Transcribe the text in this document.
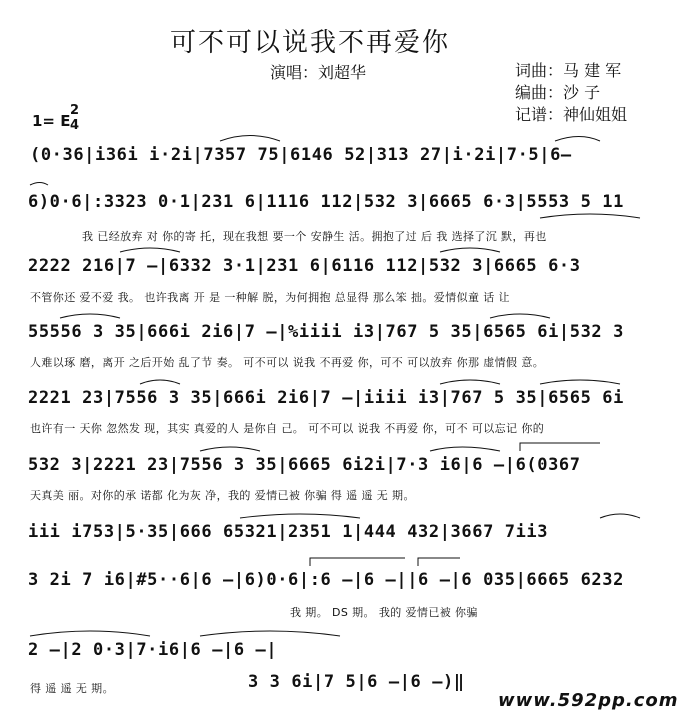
可不可以说我不再爱你
演唱：刘超华	词曲：马 建 军
编曲：沙 子
记谱：神仙姐姐
1= E
2
4
(0·36|i36i i·2i|7357 75|6146 52|313 27|i·2i|7·5|6–
6)0·6|:3323 0·1|231 6|1116 112|532 3|6665 6·3|5553 5 11
我 已经放弃 对 你的寄 托，现在我想 要一个 安静生 活。拥抱了过 后 我 选择了沉 默，再也
2222 216|7 –|6332 3·1|231 6|6116 112|532 3|6665 6·3
不管你还 爱不爱 我。 也许我离 开 是 一种解 脱，为何拥抱 总显得 那么笨 拙。爱情似童 话 让
55556 3 35|666i 2i6|7 –|%iiii i3|767 5 35|6565 6i|532 3
人难以琢 磨，离开 之后开始 乱了节 奏。 可不可以 说我 不再爱 你，可不 可以放弃 你那 虚情假 意。
2221 23|7556 3 35|666i 2i6|7 –|iiii i3|767 5 35|6565 6i
也许有一 天你 忽然发 现，其实 真爱的人 是你自 己。 可不可以 说我 不再爱 你，可不 可以忘记 你的
532 3|2221 23|7556 3 35|6665 6i2i|7·3 i6|6 –|6(0367
天真美 丽。对你的承 诺都 化为灰 净，我的 爱情已被 你骗 得 遥 遥 无 期。
iii i753|5·35|666 65321|2351 1|444 432|3667 7ii3
3 2i 7 i6|#5··6|6 –|6)0·6|:6 –|6 –||6 –|6 035|6665 6232
我 期。 DS 期。 我的 爱情已被 你骗
2 –|2 0·3|7·i6|6 –|6 –|
得 遥 遥 无 期。	3 3 6i|7 5|6 –|6 –)‖
www.592pp.com
